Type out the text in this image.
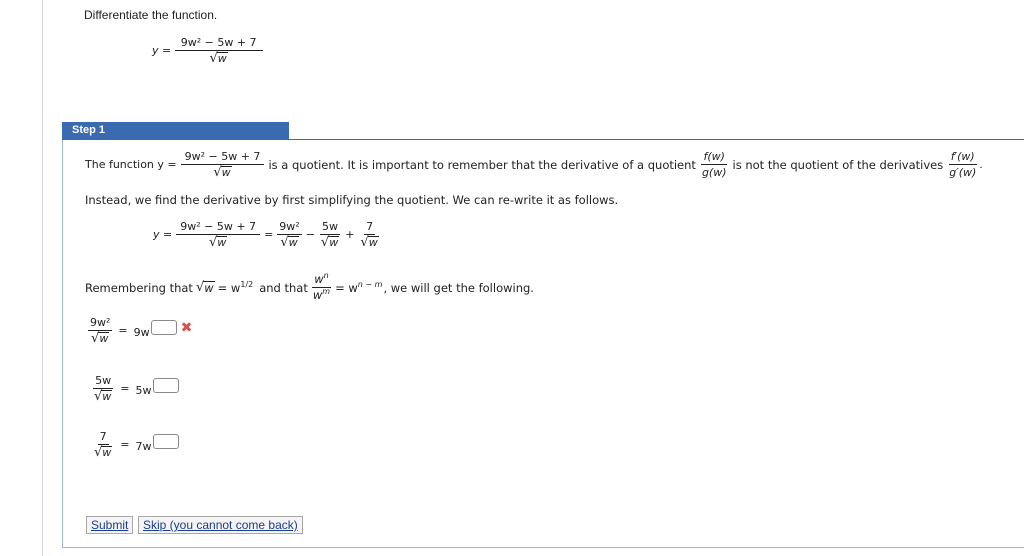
Differentiate the function.
$y = \frac{\text{9w² − 5w + 7}}{√ w}$
Step 1
The function $y = \frac{\text{9w² − 5w + 7}}{√ w}$ is a quotient. It is important to remember that the derivative of a quotient $\frac{f(w)}{g(w)}$ is not the quotient of the derivatives $\frac{f'(w)}{g'(w)}$ .
Instead, we find the derivative by first simplifying the quotient. We can re-write it as follows.
$y = \frac{\text{9w² − 5w + 7}}{√ w} = \frac{\text{9w²}}{√ w} - \frac{5w}{√ w} + \frac{7}{√ w}$
Remembering that √ $w = w^{1/2}$ and that $\frac{w^n}{w^m} = w^{n - m}$ , we will get the following.
$\frac{\text{9w²}}{√ w} = 9w$ ✖
$\frac{5w}{√ w} = 5w$
$\frac{7}{√ w} = 7w$
Submit	Skip (you cannot come back)
